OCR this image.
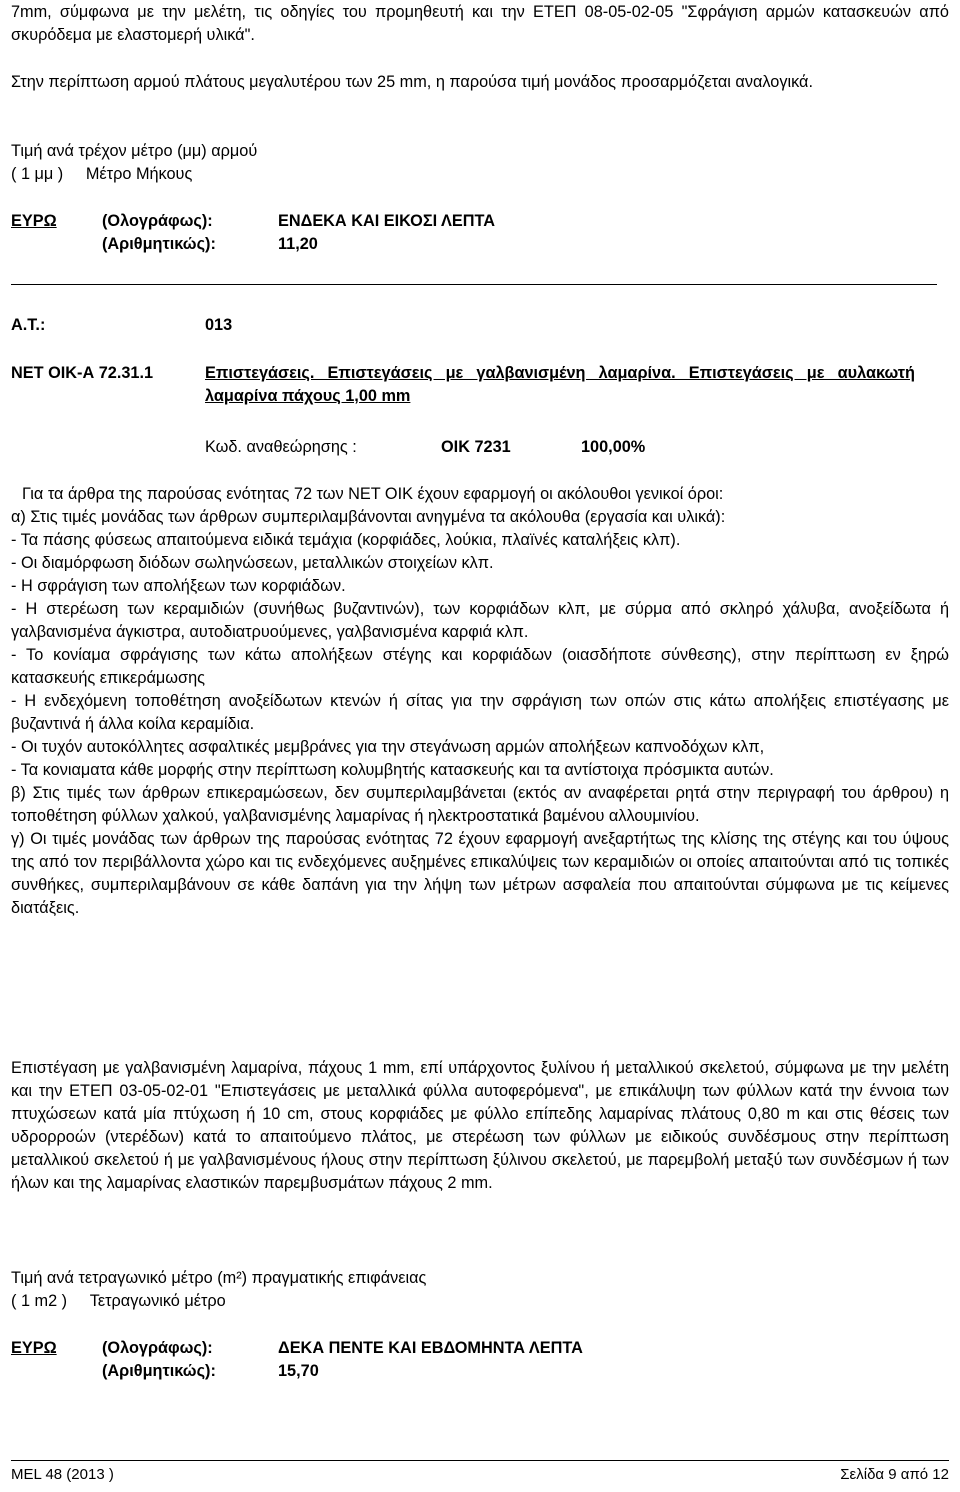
7mm, σύμφωνα με την μελέτη, τις οδηγίες του προμηθευτή και την ΕΤΕΠ 08-05-02-05 "Σφράγιση αρμών κατασκευών από σκυρόδεμα με ελαστομερή υλικά".

Στην περίπτωση αρμού πλάτους μεγαλυτέρου των 25 mm, η παρούσα τιμή μονάδος προσαρμόζεται αναλογικά.

Τιμή ανά τρέχον μέτρο (μμ) αρμού

( 1 μμ )     Μέτρο Μήκους

ΕΥΡΩ	(Ολογράφως):	ΕΝΔΕΚΑ ΚΑΙ ΕΙΚΟΣΙ ΛΕΠΤΑ
(Αριθμητικώς):	11,20
Α.Τ.:	013
ΝΕΤ ΟΙΚ-Α 72.31.1	Επιστεγάσεις. Επιστεγάσεις με γαλβανισμένη λαμαρίνα. Επιστεγάσεις με αυλακωτή λαμαρίνα πάχους 1,00 mm
Κωδ. αναθεώρησης :	ΟΙΚ 7231	100,00%

Για τα άρθρα της παρούσας ενότητας 72 των ΝΕΤ ΟΙΚ έχουν εφαρμογή οι ακόλουθοι γενικοί όροι:

α) Στις τιμές μονάδας των άρθρων συμπεριλαμβάνονται ανηγμένα τα ακόλουθα (εργασία και υλικά):

- Τα πάσης φύσεως απαιτούμενα ειδικά τεμάχια (κορφιάδες, λούκια, πλαïνές καταλήξεις κλπ).

- Οι διαμόρφωση διόδων σωληνώσεων, μεταλλικών στοιχείων κλπ.

- Η σφράγιση των απολήξεων των κορφιάδων.

- Η στερέωση των κεραμιδιών (συνήθως βυζαντινών), των κορφιάδων κλπ, με σύρμα από σκληρό χάλυβα, ανοξείδωτα ή γαλβανισμένα άγκιστρα, αυτοδιατρυούμενες, γαλβανισμένα καρφιά κλπ.

- Το κονίαμα σφράγισης των κάτω απολήξεων στέγης και κορφιάδων (οιασδήποτε σύνθεσης), στην περίπτωση εν ξηρώ κατασκευής επικεράμωσης

- Η ενδεχόμενη τοποθέτηση ανοξείδωτων κτενών ή σίτας για την σφράγιση των οπών στις κάτω απολήξεις επιστέγασης με βυζαντινά ή άλλα κοίλα κεραμίδια.

- Οι τυχόν αυτοκόλλητες ασφαλτικές μεμβράνες για την στεγάνωση αρμών απολήξεων καπνοδόχων κλπ,

- Τα κονιαματα κάθε μορφής στην περίπτωση κολυμβητής κατασκευής και τα αντίστοιχα πρόσμικτα αυτών.

β) Στις τιμές των άρθρων επικεραμώσεων, δεν συμπεριλαμβάνεται (εκτός αν αναφέρεται ρητά στην περιγραφή του άρθρου) η τοποθέτηση φύλλων χαλκού, γαλβανισμένης λαμαρίνας ή ηλεκτροστατικά βαμένου αλλουμινίου.

γ) Οι τιμές μονάδας των άρθρων της παρούσας ενότητας 72 έχουν εφαρμογή ανεξαρτήτως της κλίσης της στέγης και του ύψους της από τον περιβάλλοντα χώρο και τις ενδεχόμενες αυξημένες επικαλύψεις των κεραμιδιών οι οποίες απαιτούνται από τις τοπικές συνθήκες, συμπεριλαμβάνουν σε κάθε δαπάνη για την λήψη των μέτρων ασφαλεία που απαιτούνται σύμφωνα με τις κείμενες διατάξεις.

Επιστέγαση με γαλβανισμένη λαμαρίνα, πάχους 1 mm, επί υπάρχοντος ξυλίνου ή μεταλλικού σκελετού, σύμφωνα με την μελέτη και την ΕΤΕΠ 03-05-02-01 "Επιστεγάσεις με μεταλλικά φύλλα αυτοφερόμενα", με επικάλυψη των φύλλων κατά την έννοια των πτυχώσεων κατά μία πτύχωση ή 10 cm, στους κορφιάδες με φύλλο επίπεδης λαμαρίνας πλάτους 0,80 m και στις θέσεις των υδρορροών (ντερέδων) κατά το απαιτούμενο πλάτος, με στερέωση των φύλλων με ειδικούς συνδέσμους στην περίπτωση μεταλλικού σκελετού ή με γαλβανισμένους ήλους στην περίπτωση ξύλινου σκελετού, με παρεμβολή μεταξύ των συνδέσμων ή των ήλων και της λαμαρίνας ελαστικών παρεμβυσμάτων πάχους 2 mm.

Τιμή ανά τετραγωνικό μέτρο (m²) πραγματικής επιφάνειας

( 1 m2 )     Τετραγωνικό μέτρο

ΕΥΡΩ	(Ολογράφως):	ΔΕΚΑ ΠΕΝΤΕ ΚΑΙ ΕΒΔΟΜΗΝΤΑ ΛΕΠΤΑ
(Αριθμητικώς):	15,70
ΜΕL 48 (2013 )	Σελίδα 9 από 12
